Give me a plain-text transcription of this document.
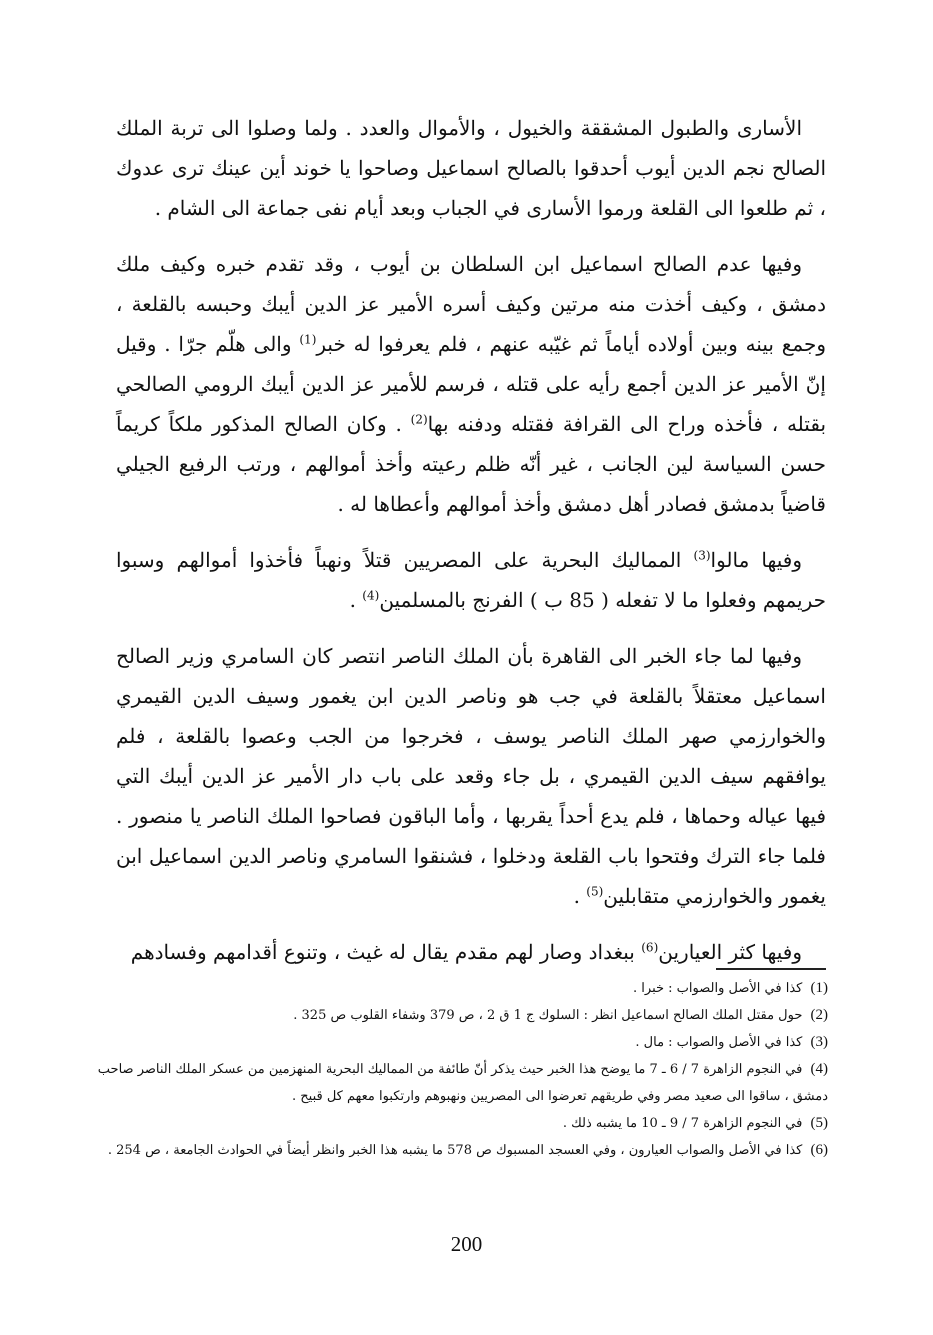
الأسارى والطبول المشققة والخيول ، والأموال والعدد . ولما وصلوا الى تربة الملك الصالح نجم الدين أيوب أحدقوا بالصالح اسماعيل وصاحوا يا خوند أين عينك ترى عدوك ، ثم طلعوا الى القلعة ورموا الأسارى في الجباب وبعد أيام نفى جماعة الى الشام .

وفيها عدم الصالح اسماعيل ابن السلطان بن أيوب ، وقد تقدم خبره وكيف ملك دمشق ، وكيف أخذت منه مرتين وكيف أسره الأمير عز الدين أيبك وحبسه بالقلعة ، وجمع بينه وبين أولاده أياماً ثم غيّبه عنهم ، فلم يعرفوا له خبر$^{(1)}$ والى هلّم جرّا . وقيل إنّ الأمير عز الدين أجمع رأيه على قتله ، فرسم للأمير عز الدين أيبك الرومي الصالحي بقتله ، فأخذه وراح الى القرافة فقتله ودفنه بها$^{(2)}$ . وكان الصالح المذكور ملكاً كريماً حسن السياسة لين الجانب ، غير أنّه ظلم رعيته وأخذ أموالهم ، ورتب الرفيع الجيلي قاضياً بدمشق فصادر أهل دمشق وأخذ أموالهم وأعطاها له .

وفيها مالوا$^{(3)}$ المماليك البحرية على المصريين قتلاً ونهباً فأخذوا أموالهم وسبوا حريمهم وفعلوا ما لا تفعله ( 85 ب ) الفرنج بالمسلمين$^{(4)}$ .

وفيها لما جاء الخبر الى القاهرة بأن الملك الناصر انتصر كان السامري وزير الصالح اسماعيل معتقلاً بالقلعة في جب هو وناصر الدين ابن يغمور وسيف الدين القيمري والخوارزمي صهر الملك الناصر يوسف ، فخرجوا من الجب وعصوا بالقلعة ، فلم يوافقهم سيف الدين القيمري ، بل جاء وقعد على باب دار الأمير عز الدين أيبك التي فيها عياله وحماها ، فلم يدع أحداً يقربها ، وأما الباقون فصاحوا الملك الناصر يا منصور . فلما جاء الترك وفتحوا باب القلعة ودخلوا ، فشنقوا السامري وناصر الدين اسماعيل ابن يغمور والخوارزمي متقابلين$^{(5)}$ .

وفيها كثر العيارين$^{(6)}$ ببغداد وصار لهم مقدم يقال له غيث ، وتنوع أقدامهم وفسادهم

(1) كذا في الأصل والصواب : خبرا .

(2) حول مقتل الملك الصالح اسماعيل انظر : السلوك ج 1 ق 2 ، ص 379 وشفاء القلوب ص 325 .

(3) كذا في الأصل والصواب : مال .

(4) في النجوم الزاهرة 7 / 6 ـ 7 ما يوضح هذا الخبر حيث يذكر أنّ طائفة من المماليك البحرية المنهزمين من عسكر الملك الناصر صاحب دمشق ، ساقوا الى صعيد مصر وفي طريقهم تعرضوا الى المصريين ونهبوهم وارتكبوا معهم كل قبيح .

(5) في النجوم الزاهرة 7 / 9 ـ 10 ما يشبه ذلك .

(6) كذا في الأصل والصواب العيارون ، وفي العسجد المسبوك ص 578 ما يشبه هذا الخبر وانظر أيضاً في الحوادث الجامعة ، ص 254 .

200
